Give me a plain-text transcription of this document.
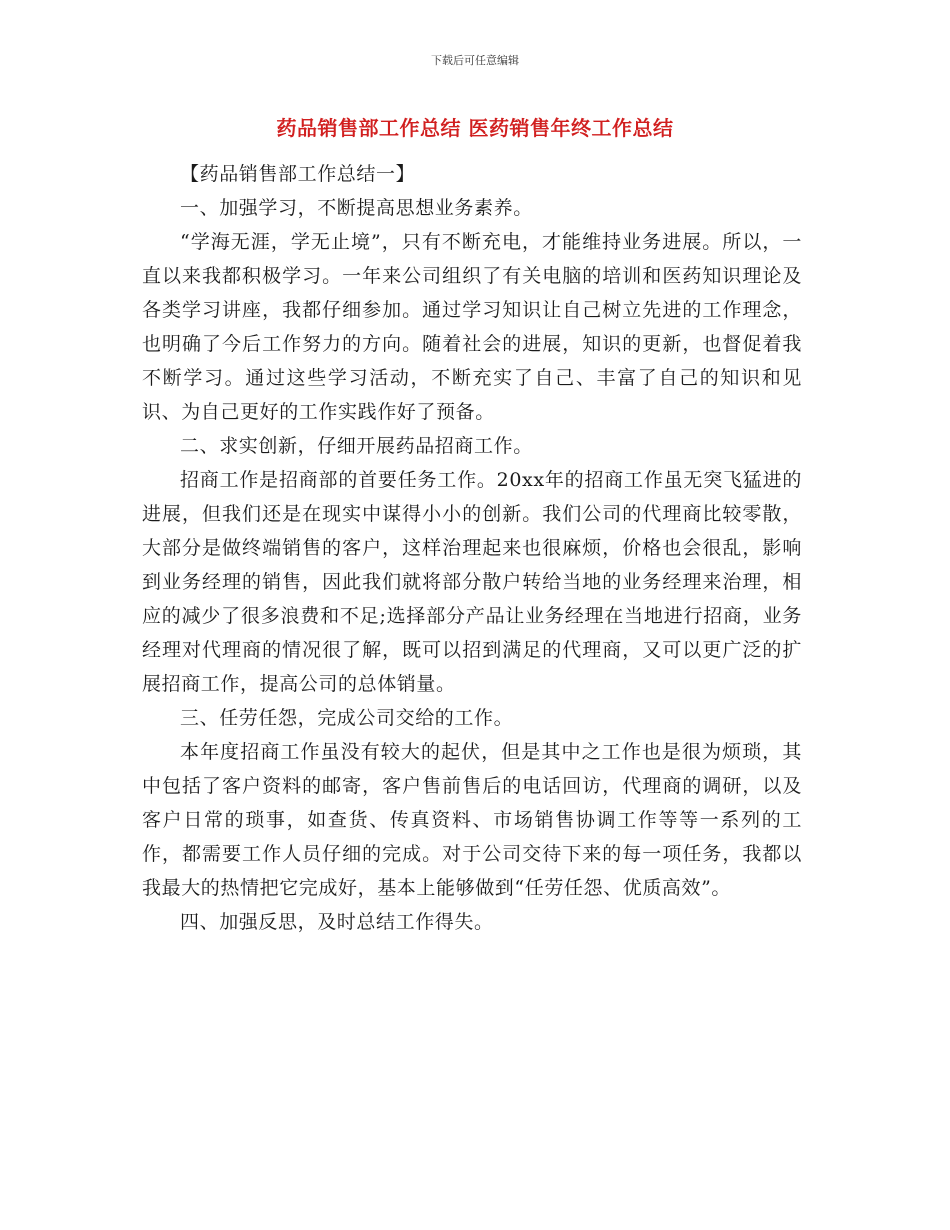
下载后可任意编辑
药品销售部工作总结 医药销售年终工作总结

【药品销售部工作总结一】

一、加强学习，不断提高思想业务素养。

“学海无涯，学无止境”，只有不断充电，才能维持业务进展。所以，一直以来我都积极学习。一年来公司组织了有关电脑的培训和医药知识理论及各类学习讲座，我都仔细参加。通过学习知识让自己树立先进的工作理念，也明确了今后工作努力的方向。随着社会的进展，知识的更新，也督促着我不断学习。通过这些学习活动，不断充实了自己、丰富了自己的知识和见识、为自己更好的工作实践作好了预备。

二、求实创新，仔细开展药品招商工作。

招商工作是招商部的首要任务工作。20xx年的招商工作虽无突飞猛进的进展，但我们还是在现实中谋得小小的创新。我们公司的代理商比较零散，大部分是做终端销售的客户，这样治理起来也很麻烦，价格也会很乱，影响到业务经理的销售，因此我们就将部分散户转给当地的业务经理来治理，相应的减少了很多浪费和不足;选择部分产品让业务经理在当地进行招商，业务经理对代理商的情况很了解，既可以招到满足的代理商，又可以更广泛的扩展招商工作，提高公司的总体销量。

三、任劳任怨，完成公司交给的工作。

本年度招商工作虽没有较大的起伏，但是其中之工作也是很为烦琐，其中包括了客户资料的邮寄，客户售前售后的电话回访，代理商的调研，以及客户日常的琐事，如查货、传真资料、市场销售协调工作等等一系列的工作，都需要工作人员仔细的完成。对于公司交待下来的每一项任务，我都以我最大的热情把它完成好，基本上能够做到“任劳任怨、优质高效”。

四、加强反思，及时总结工作得失。
